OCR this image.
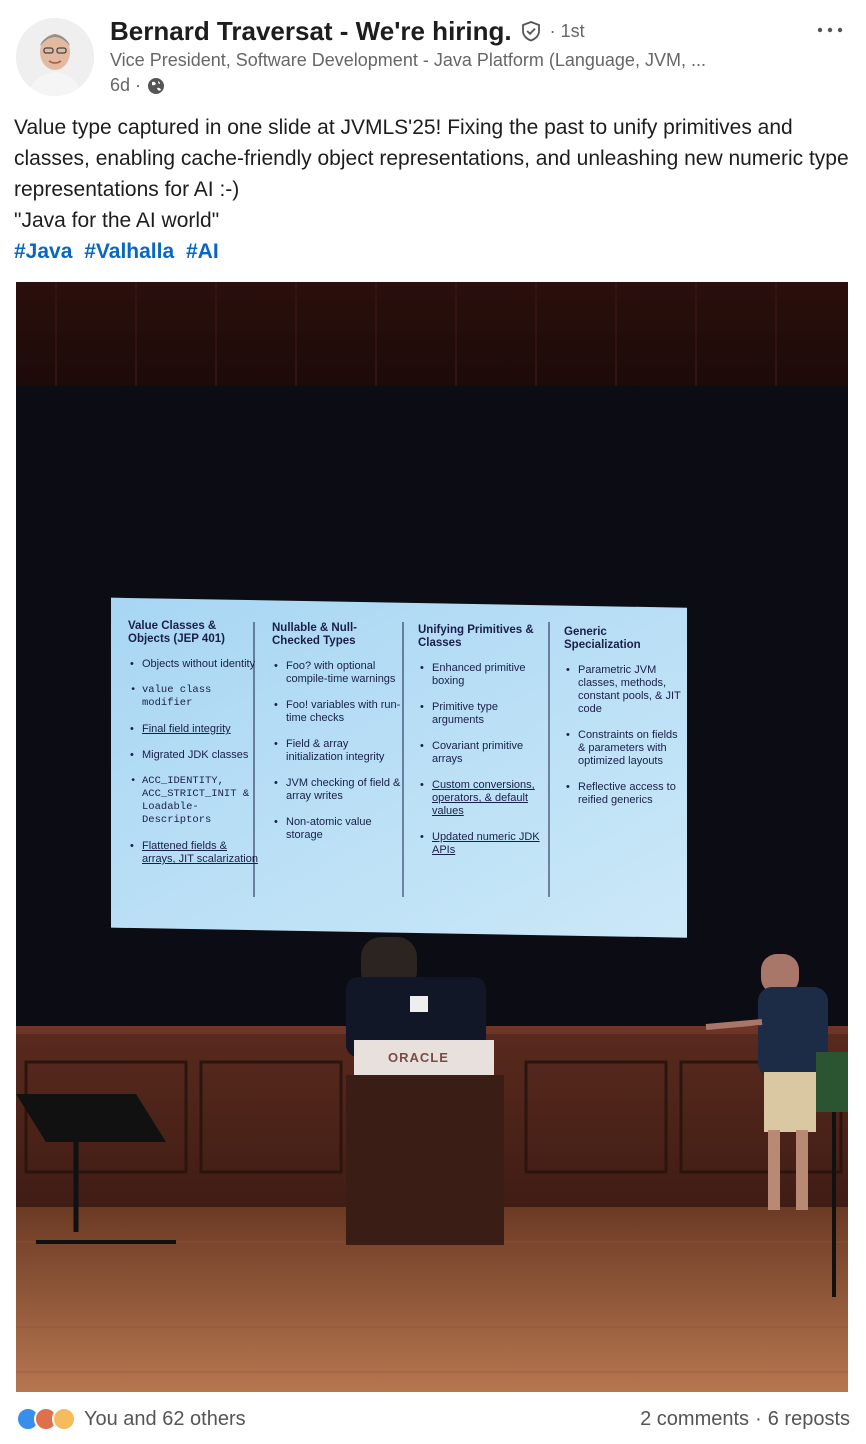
Bernard Traversat - We're hiring. · 1st
Vice President, Software Development - Java Platform (Language, JVM, ...
6d ·

Value type captured in one slide at JVMLS'25! Fixing the past to unify primitives and classes, enabling cache-friendly object representations, and unleashing new numeric type representations for AI :-)

"Java for the AI world"

#Java #Valhalla #AI

Value Classes & Objects (JEP 401)
• Objects without identity
• value class modifier
• Final field integrity
• Migrated JDK classes
• ACC_IDENTITY, ACC_STRICT_INIT & Loadable-Descriptors
• Flattened fields & arrays, JIT scalarization
Nullable & Null-Checked Types
• Foo? with optional compile-time warnings
• Foo! variables with run-time checks
• Field & array initialization integrity
• JVM checking of field & array writes
• Non-atomic value storage
Unifying Primitives & Classes
• Enhanced primitive boxing
• Primitive type arguments
• Covariant primitive arrays
• Custom conversions, operators, & default values
• Updated numeric JDK APIs
Generic Specialization
• Parametric JVM classes, methods, constant pools, & JIT code
• Constraints on fields & parameters with optimized layouts
• Reflective access to reified generics
ORACLE
You and 62 others	2 comments · 6 reposts
